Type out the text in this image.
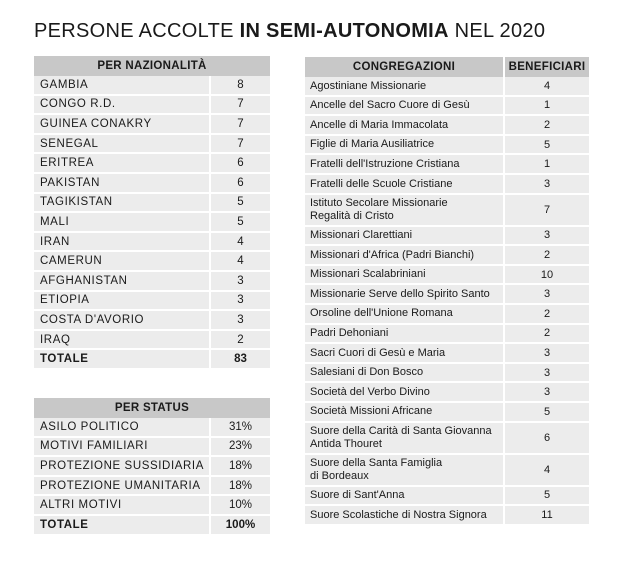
PERSONE ACCOLTE IN SEMI-AUTONOMIA NEL 2020
PER NAZIONALITÀ	
GAMBIA	8
CONGO R.D.	7
GUINEA CONAKRY	7
SENEGAL	7
ERITREA	6
PAKISTAN	6
TAGIKISTAN	5
MALI	5
IRAN	4
CAMERUN	4
AFGHANISTAN	3
ETIOPIA	3
COSTA D'AVORIO	3
IRAQ	2
TOTALE	83
PER STATUS	
ASILO POLITICO	31%
MOTIVI FAMILIARI	23%
PROTEZIONE SUSSIDIARIA	18%
PROTEZIONE UMANITARIA	18%
ALTRI MOTIVI	10%
TOTALE	100%
CONGREGAZIONI	BENEFICIARI
Agostiniane Missionarie	4
Ancelle del Sacro Cuore di Gesù	1
Ancelle di Maria Immacolata	2
Figlie di Maria Ausiliatrice	5
Fratelli dell'Istruzione Cristiana	1
Fratelli delle Scuole Cristiane	3
Istituto Secolare Missionarie
Regalità di Cristo	7
Missionari Clarettiani	3
Missionari d'Africa (Padri Bianchi)	2
Missionari Scalabriniani	10
Missionarie Serve dello Spirito Santo	3
Orsoline dell'Unione Romana	2
Padri Dehoniani	2
Sacri Cuori di Gesù e Maria	3
Salesiani di Don Bosco	3
Società del Verbo Divino	3
Società Missioni Africane	5
Suore della Carità di Santa Giovanna
Antida Thouret	6
Suore della Santa Famiglia
di Bordeaux	4
Suore di Sant'Anna	5
Suore Scolastiche di Nostra Signora	11
